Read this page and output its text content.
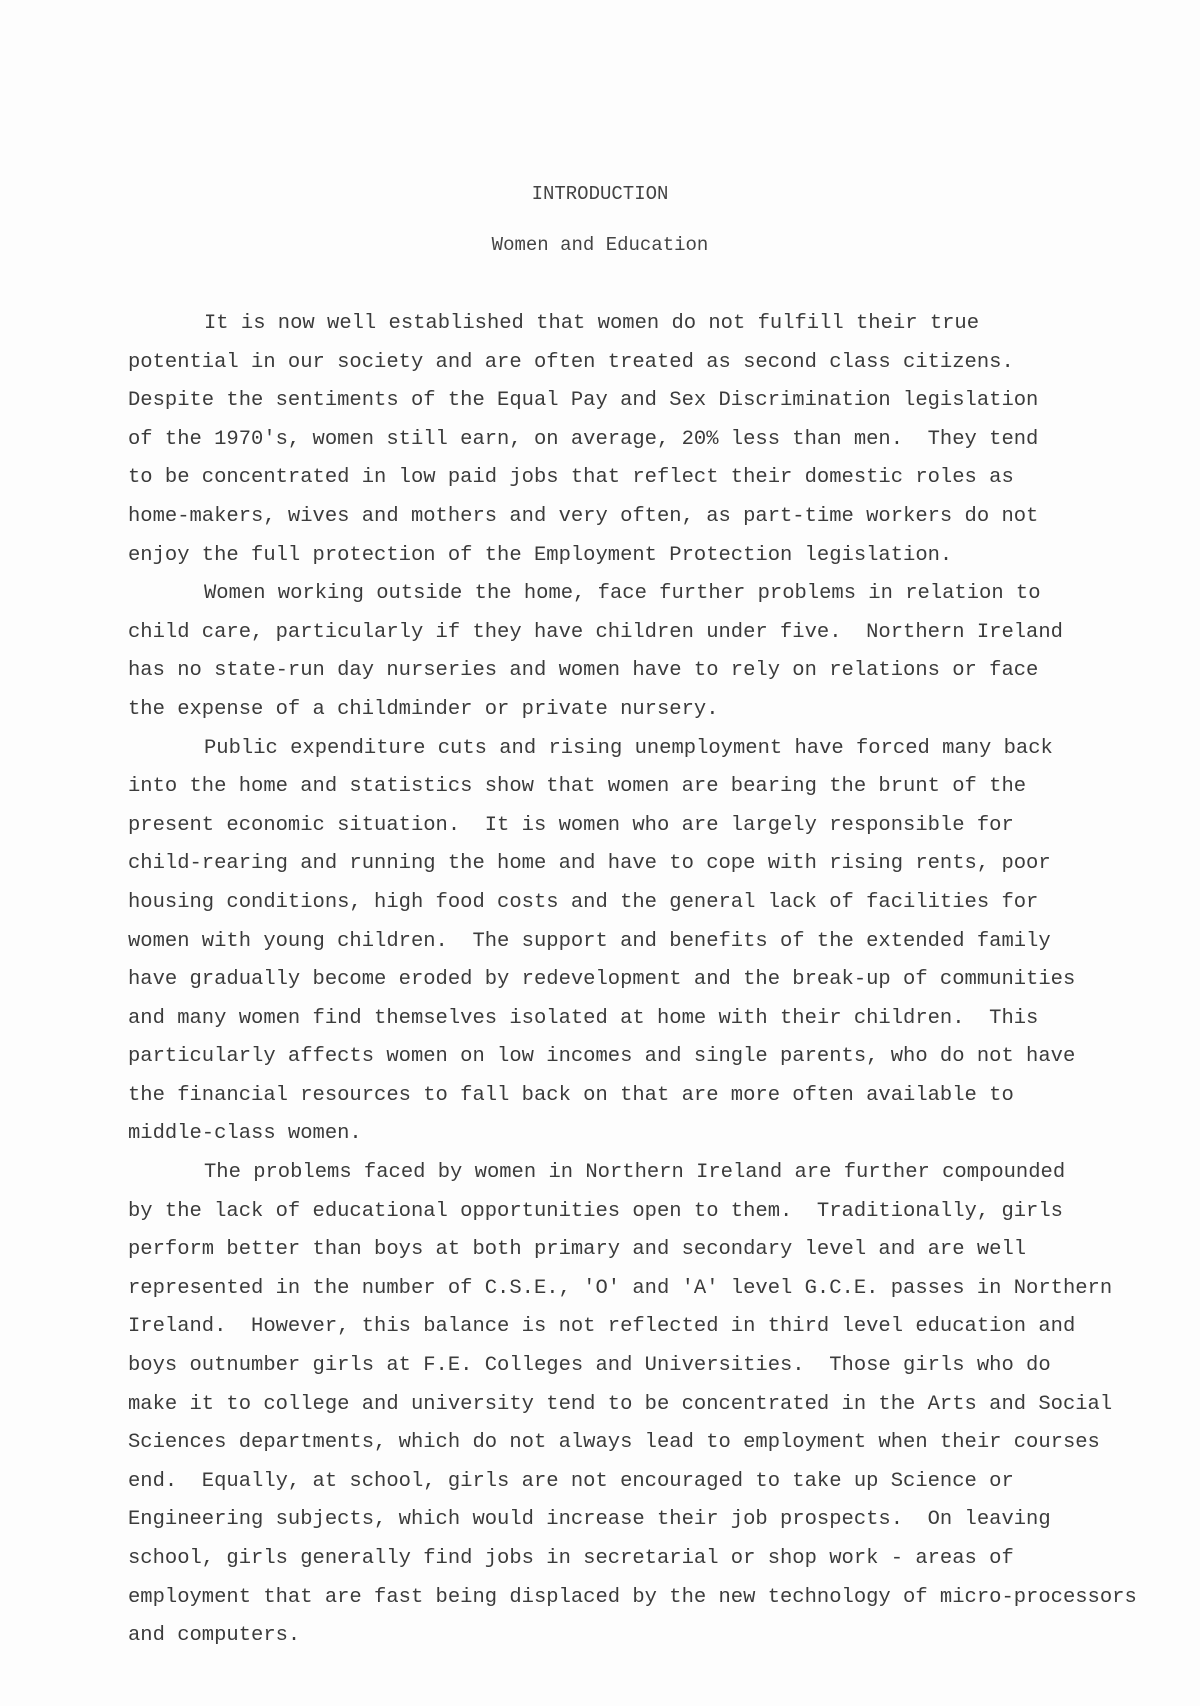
INTRODUCTION
Women and Education
It is now well established that women do not fulfill their true
potential in our society and are often treated as second class citizens.
Despite the sentiments of the Equal Pay and Sex Discrimination legislation
of the 1970's, women still earn, on average, 20% less than men.  They tend
to be concentrated in low paid jobs that reflect their domestic roles as
home-makers, wives and mothers and very often, as part-time workers do not
enjoy the full protection of the Employment Protection legislation.
Women working outside the home, face further problems in relation to
child care, particularly if they have children under five.  Northern Ireland
has no state-run day nurseries and women have to rely on relations or face
the expense of a childminder or private nursery.
Public expenditure cuts and rising unemployment have forced many back
into the home and statistics show that women are bearing the brunt of the
present economic situation.  It is women who are largely responsible for
child-rearing and running the home and have to cope with rising rents, poor
housing conditions, high food costs and the general lack of facilities for
women with young children.  The support and benefits of the extended family
have gradually become eroded by redevelopment and the break-up of communities
and many women find themselves isolated at home with their children.  This
particularly affects women on low incomes and single parents, who do not have
the financial resources to fall back on that are more often available to
middle-class women.
The problems faced by women in Northern Ireland are further compounded
by the lack of educational opportunities open to them.  Traditionally, girls
perform better than boys at both primary and secondary level and are well
represented in the number of C.S.E., 'O' and 'A' level G.C.E. passes in Northern
Ireland.  However, this balance is not reflected in third level education and
boys outnumber girls at F.E. Colleges and Universities.  Those girls who do
make it to college and university tend to be concentrated in the Arts and Social
Sciences departments, which do not always lead to employment when their courses
end.  Equally, at school, girls are not encouraged to take up Science or
Engineering subjects, which would increase their job prospects.  On leaving
school, girls generally find jobs in secretarial or shop work - areas of
employment that are fast being displaced by the new technology of micro-processors
and computers.
